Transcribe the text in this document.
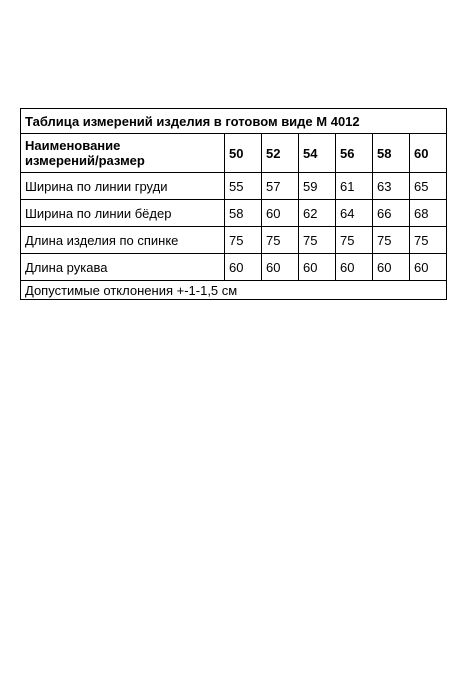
Таблица измерений изделия в готовом виде М 4012						

Наименование
измерений/размер	50	52	54	56	58	60
Ширина по линии груди	55	57	59	61	63	65
Ширина по линии бёдер	58	60	62	64	66	68
Длина изделия по спинке	75	75	75	75	75	75
Длина рукава	60	60	60	60	60	60
Допустимые отклонения +-1-1,5 см						
